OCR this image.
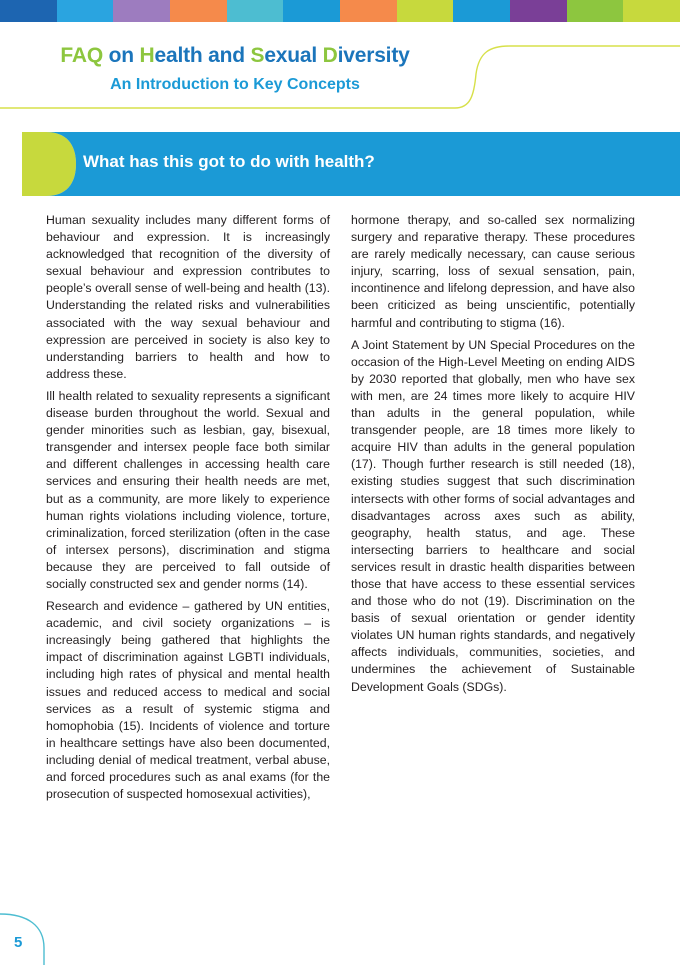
FAQ on Health and Sexual Diversity
An Introduction to Key Concepts
What has this got to do with health?

Human sexuality includes many different forms of behaviour and expression. It is increasingly acknowledged that recognition of the diversity of sexual behaviour and expression contributes to people’s overall sense of well-being and health (13). Understanding the related risks and vulnerabilities associated with the way sexual behaviour and expression are perceived in society is also key to understanding barriers to health and how to address these.

Ill health related to sexuality represents a significant disease burden throughout the world. Sexual and gender minorities such as lesbian, gay, bisexual, transgender and intersex people face both similar and different challenges in accessing health care services and ensuring their health needs are met, but as a community, are more likely to experience human rights violations including violence, torture, criminalization, forced sterilization (often in the case of intersex persons), discrimination and stigma because they are perceived to fall outside of socially constructed sex and gender norms (14).

Research and evidence – gathered by UN entities, academic, and civil society organizations – is increasingly being gathered that highlights the impact of discrimination against LGBTI individuals, including high rates of physical and mental health issues and reduced access to medical and social services as a result of systemic stigma and homophobia (15). Incidents of violence and torture in healthcare settings have also been documented, including denial of medical treatment, verbal abuse, and forced procedures such as anal exams (for the prosecution of suspected homosexual activities),

hormone therapy, and so-called sex normalizing surgery and reparative therapy. These procedures are rarely medically necessary, can cause serious injury, scarring, loss of sexual sensation, pain, incontinence and lifelong depression, and have also been criticized as being unscientific, potentially harmful and contributing to stigma (16).

A Joint Statement by UN Special Procedures on the occasion of the High-Level Meeting on ending AIDS by 2030 reported that globally, men who have sex with men, are 24 times more likely to acquire HIV than adults in the general population, while transgender people, are 18 times more likely to acquire HIV than adults in the general population (17). Though further research is still needed (18), existing studies suggest that such discrimination intersects with other forms of social advantages and disadvantages across axes such as ability, geography, health status, and age. These intersecting barriers to healthcare and social services result in drastic health disparities between those that have access to these essential services and those who do not (19). Discrimination on the basis of sexual orientation or gender identity violates UN human rights standards, and negatively affects individuals, communities, societies, and undermines the achievement of Sustainable Development Goals (SDGs).

5
